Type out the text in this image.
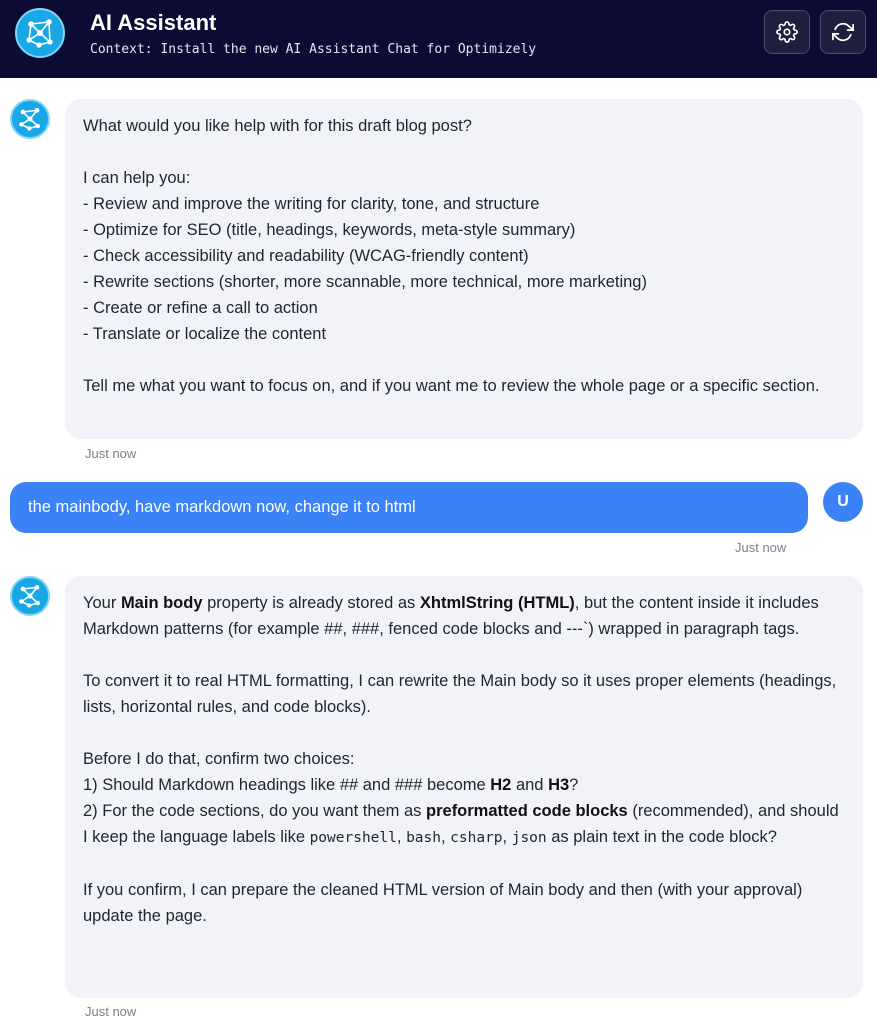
AI Assistant
Context: Install the new AI Assistant Chat for Optimizely

What would you like help with for this draft blog post?

I can help you:
- Review and improve the writing for clarity, tone, and structure
- Optimize for SEO (title, headings, keywords, meta-style summary)
- Check accessibility and readability (WCAG-friendly content)
- Rewrite sections (shorter, more scannable, more technical, more marketing)
- Create or refine a call to action
- Translate or localize the content

Tell me what you want to focus on, and if you want me to review the whole page or a specific section.

Just now
the mainbody, have markdown now, change it to html	U
Just now

Your Main body property is already stored as XhtmlString (HTML), but the content inside it includes Markdown patterns (for example ##, ###, fenced code blocks and ---`) wrapped in paragraph tags.

To convert it to real HTML formatting, I can rewrite the Main body so it uses proper elements (headings, lists, horizontal rules, and code blocks).

Before I do that, confirm two choices:
1) Should Markdown headings like ## and ### become H2 and H3?
2) For the code sections, do you want them as preformatted code blocks (recommended), and should I keep the language labels like powershell, bash, csharp, json as plain text in the code block?

If you confirm, I can prepare the cleaned HTML version of Main body and then (with your approval) update the page.

Just now
